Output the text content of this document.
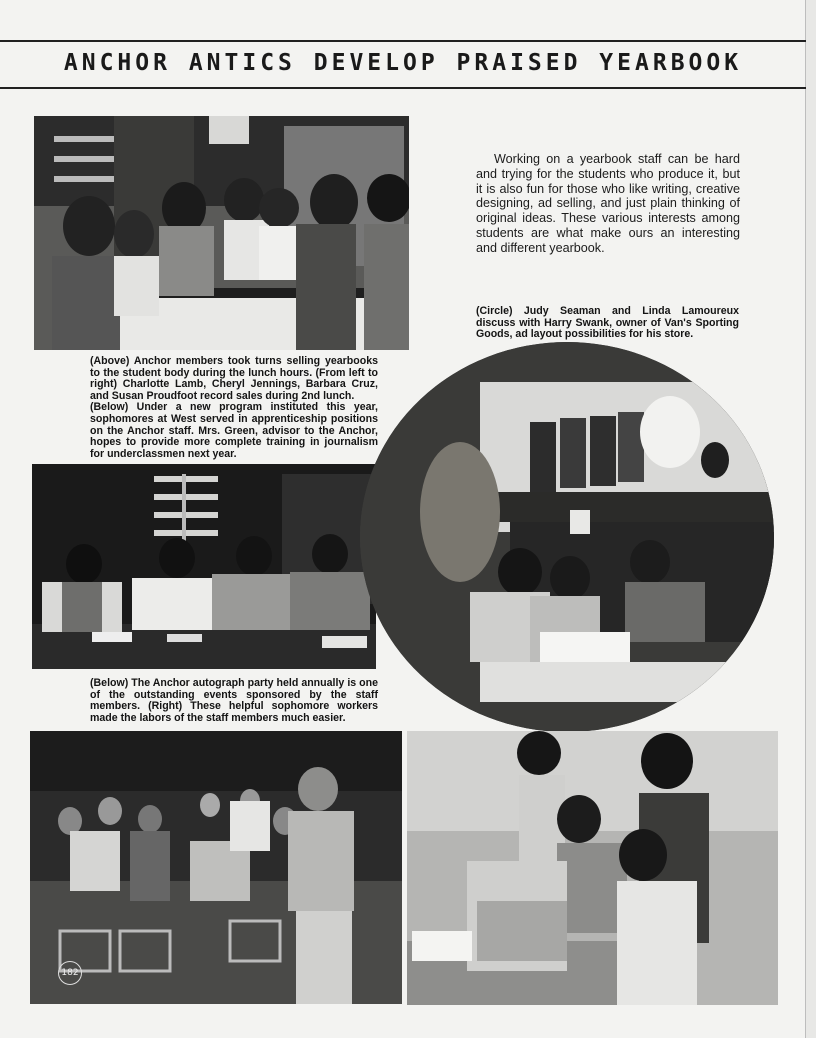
ANCHOR ANTICS DEVELOP PRAISED YEARBOOK
Working on a yearbook staff can be hard and trying for the students who produce it, but it is also fun for those who like writing, creative designing, ad selling, and just plain thinking of original ideas. These various interests among students are what make ours an interesting and different yearbook.

(Circle) Judy Seaman and Linda Lamoureux discuss with Harry Swank, owner of Van's Sporting Goods, ad layout possibilities for his store.

(Above) Anchor members took turns selling yearbooks to the student body during the lunch hours. (From left to right) Charlotte Lamb, Cheryl Jennings, Barbara Cruz, and Susan Proudfoot record sales during 2nd lunch.

(Below) Under a new program instituted this year, sophomores at West served in apprenticeship positions on the Anchor staff. Mrs. Green, advisor to the Anchor, hopes to provide more complete training in journalism for underclassmen next year.

(Below) The Anchor autograph party held annually is one of the outstanding events sponsored by the staff members. (Right) These helpful sophomore workers made the labors of the staff members much easier.

182
